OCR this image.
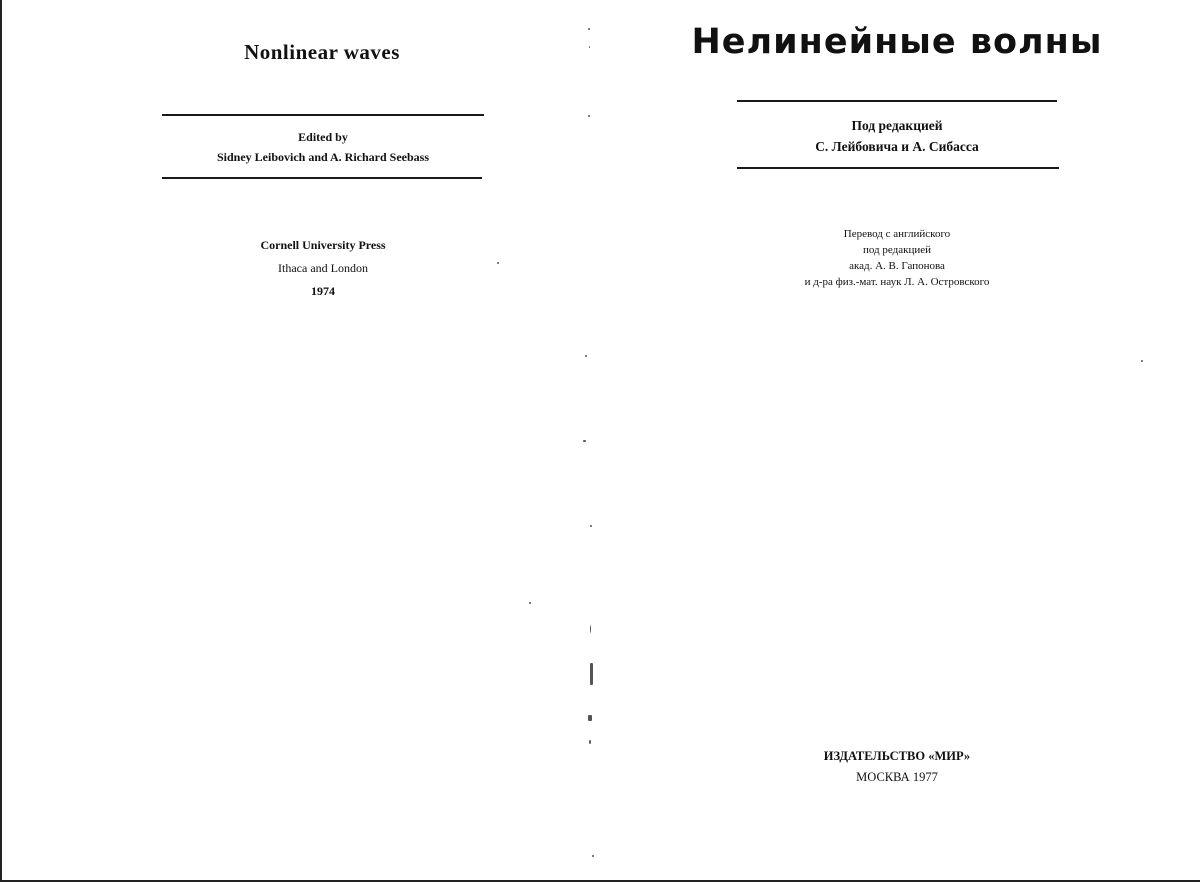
Nonlinear waves
Edited by
Sidney Leibovich and A. Richard Seebass
Cornell University Press
Ithaca and London
1974
Нелинейные волны
Под редакцией
С. Лейбовича и А. Сибасса
Перевод с английского
под редакцией
акад. А. В. Гапонова
и д-ра физ.-мат. наук Л. А. Островского
ИЗДАТЕЛЬСТВО «МИР»
МОСКВА 1977
